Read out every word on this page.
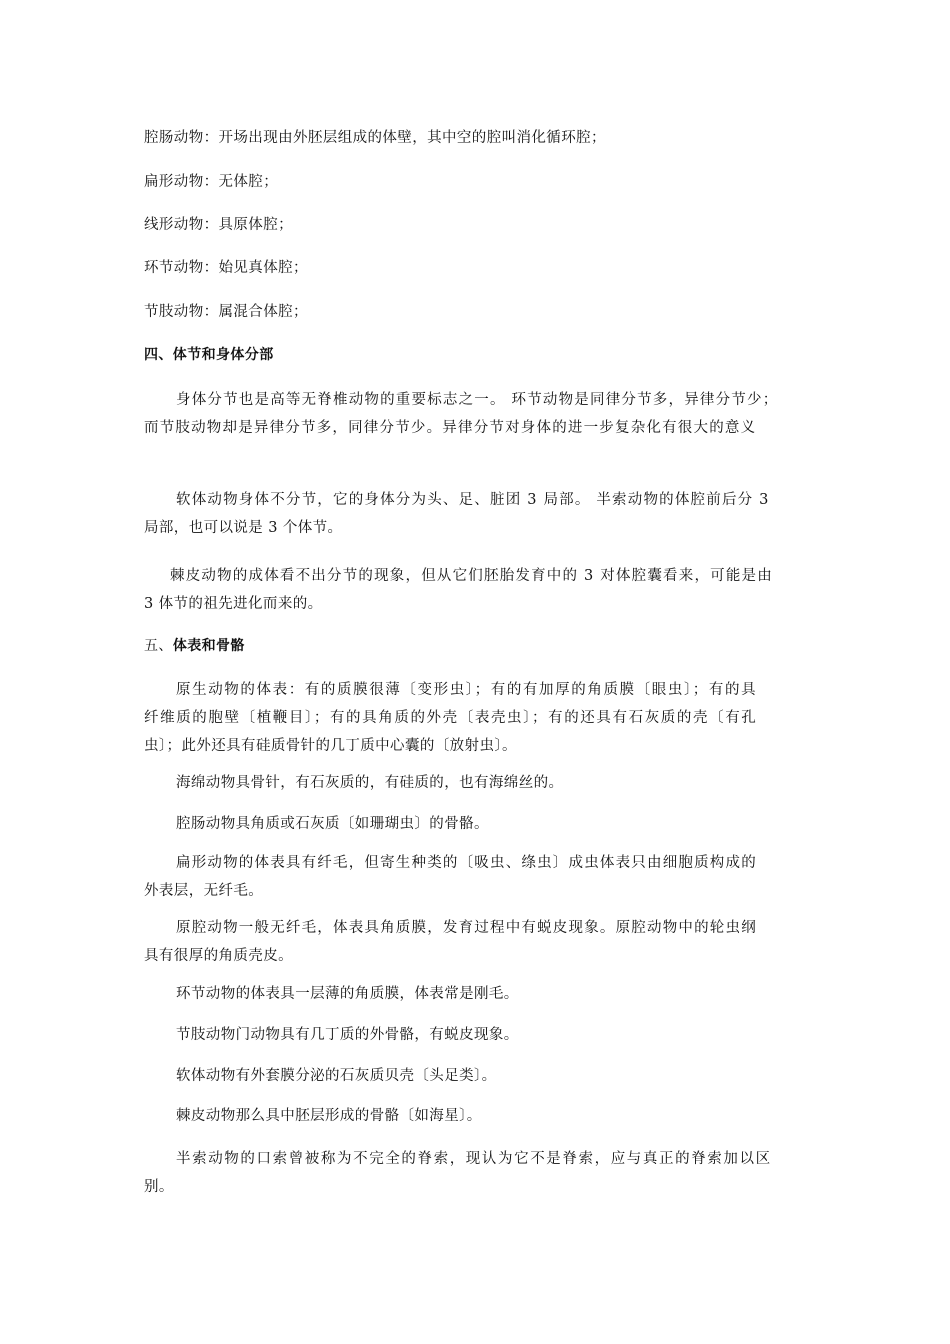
腔肠动物：开场出现由外胚层组成的体壁，其中空的腔叫消化循环腔；
扁形动物：无体腔；
线形动物：具原体腔；
环节动物：始见真体腔；
节肢动物：属混合体腔；
四、体节和身体分部
身体分节也是高等无脊椎动物的重要标志之一。 环节动物是同律分节多，异律分节少；
而节肢动物却是异律分节多，同律分节少。异律分节对身体的进一步复杂化有很大的意义
软体动物身体不分节，它的身体分为头、足、脏团 3 局部。 半索动物的体腔前后分 3
局部，也可以说是 3 个体节。
棘皮动物的成体看不出分节的现象，但从它们胚胎发育中的 3 对体腔囊看来，可能是由
3 体节的祖先进化而来的。
五、体表和骨骼
原生动物的体表：有的质膜很薄〔变形虫〕；有的有加厚的角质膜〔眼虫〕；有的具
纤维质的胞壁〔植鞭目〕；有的具角质的外壳〔表壳虫〕；有的还具有石灰质的壳〔有孔
虫〕；此外还具有硅质骨针的几丁质中心囊的〔放射虫〕。
海绵动物具骨针，有石灰质的，有硅质的，也有海绵丝的。
腔肠动物具角质或石灰质〔如珊瑚虫〕的骨骼。
扁形动物的体表具有纤毛，但寄生种类的〔吸虫、绦虫〕成虫体表只由细胞质构成的
外表层，无纤毛。
原腔动物一般无纤毛，体表具角质膜，发育过程中有蜕皮现象。原腔动物中的轮虫纲
具有很厚的角质壳皮。
环节动物的体表具一层薄的角质膜，体表常是刚毛。
节肢动物门动物具有几丁质的外骨骼，有蜕皮现象。
软体动物有外套膜分泌的石灰质贝壳〔头足类〕。
棘皮动物那么具中胚层形成的骨骼〔如海星〕。
半索动物的口索曾被称为不完全的脊索，现认为它不是脊索，应与真正的脊索加以区
别。
